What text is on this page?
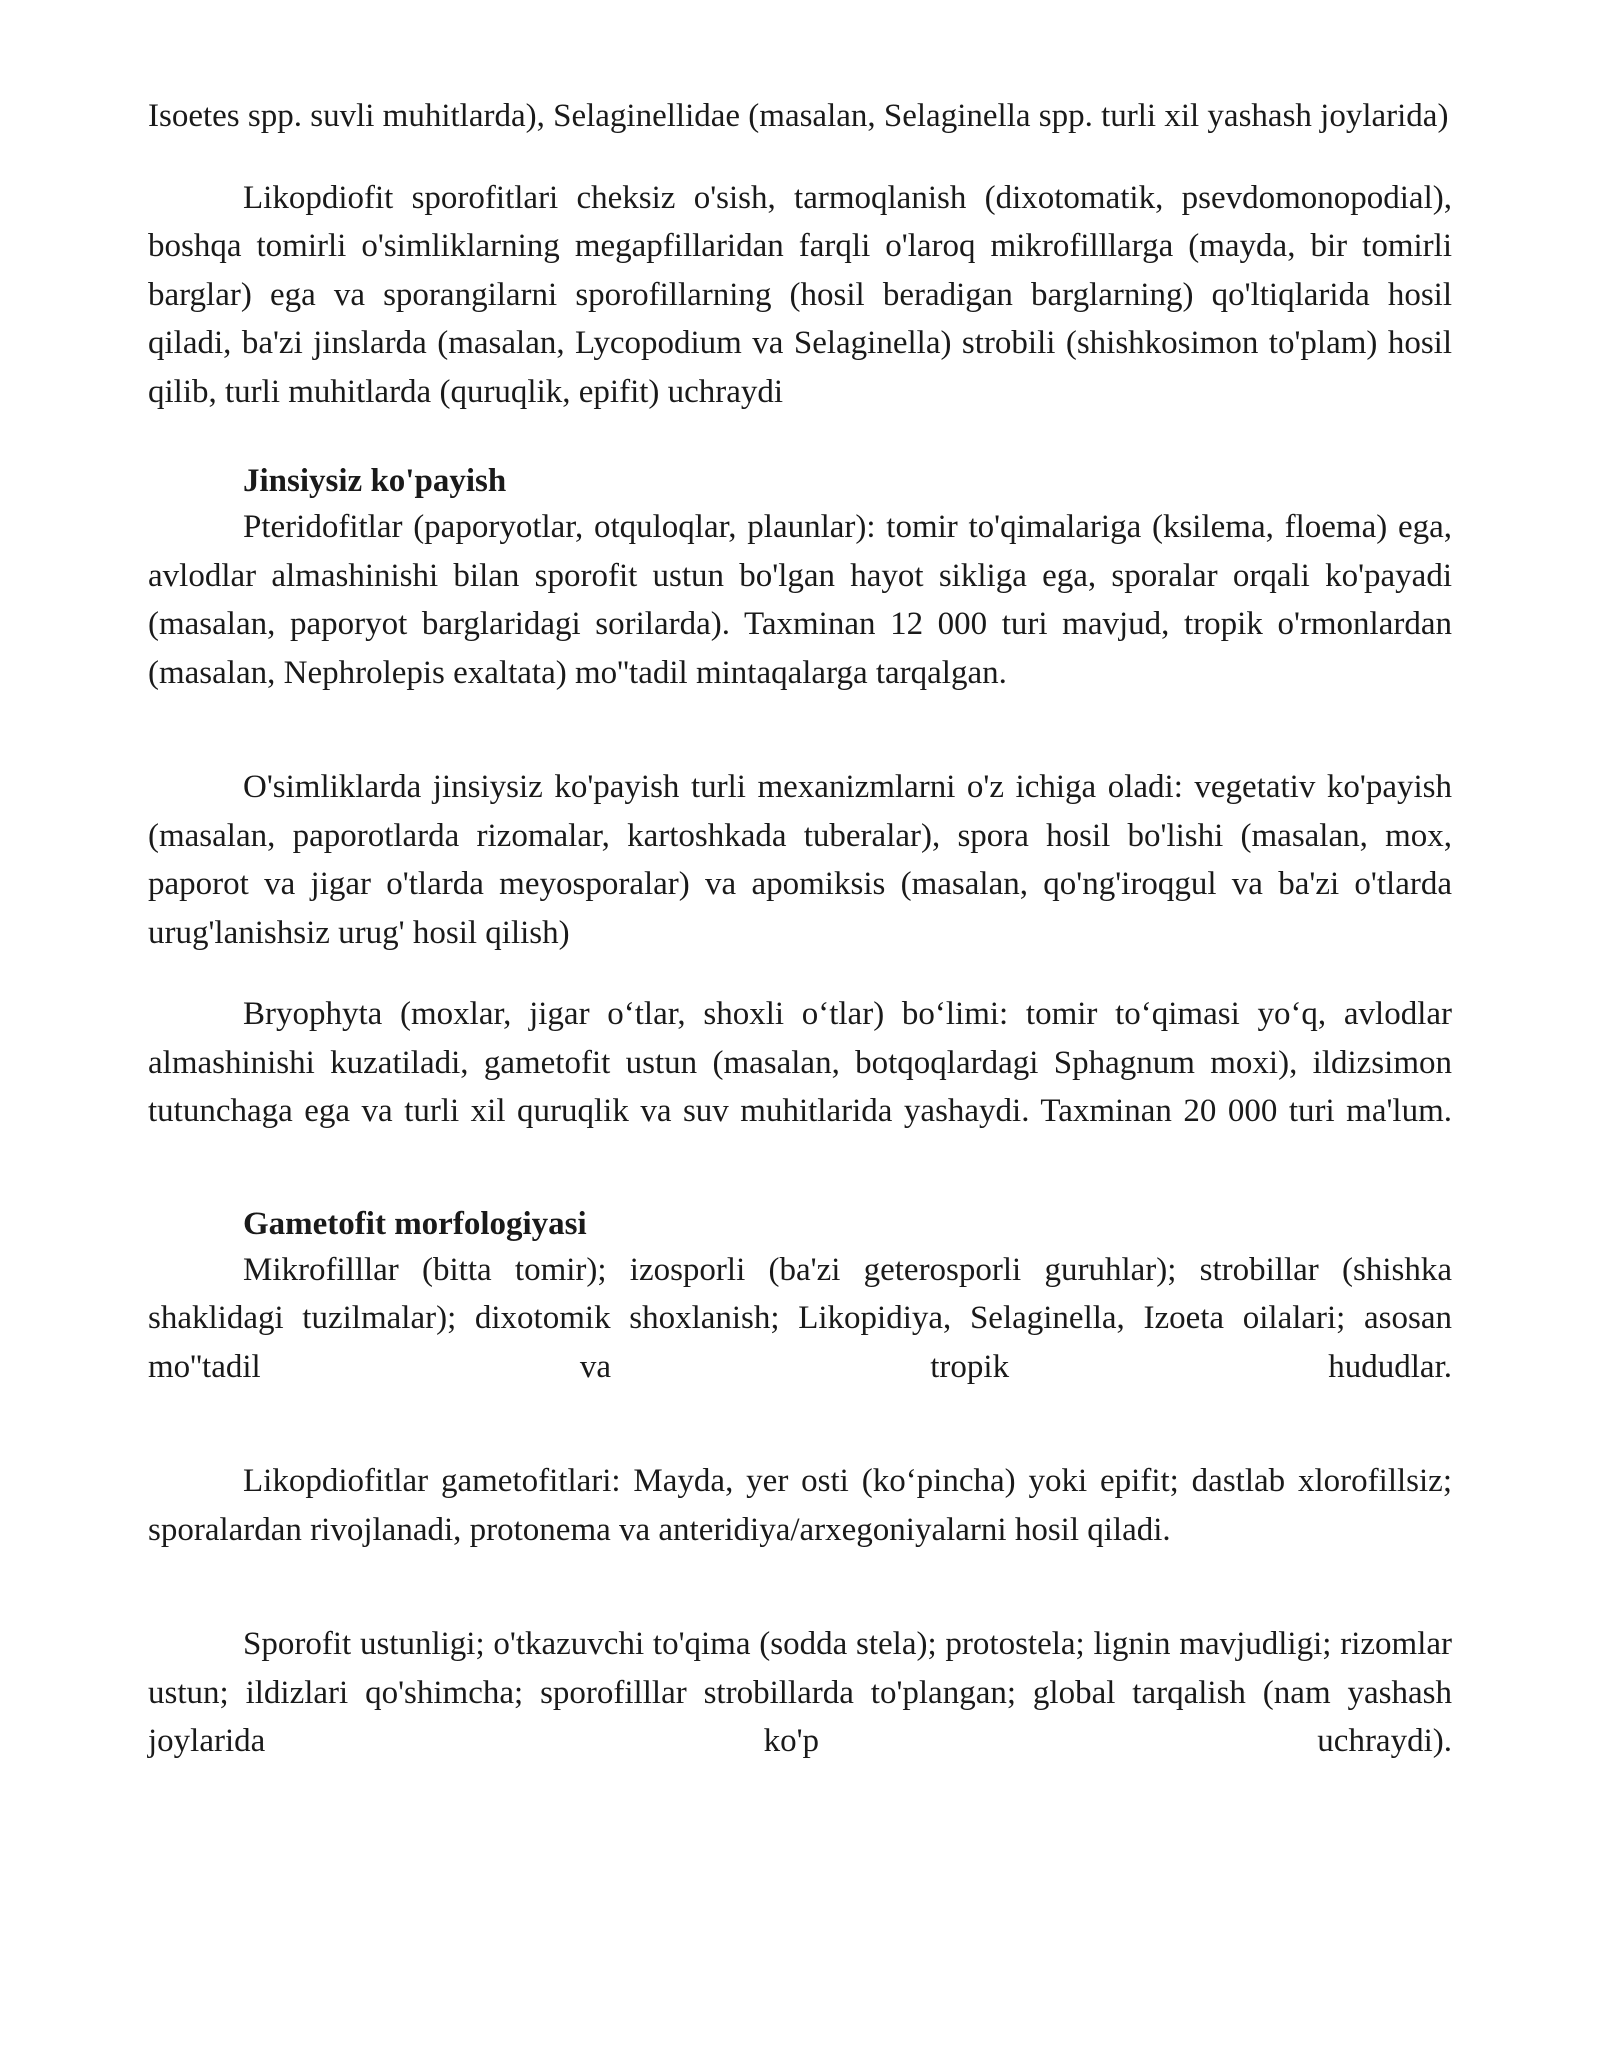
Isoetes spp. suvli muhitlarda), Selaginellidae (masalan, Selaginella spp. turli xil yashash joylarida)

Likopdiofit sporofitlari cheksiz o'sish, tarmoqlanish (dixotomatik, psevdomonopodial), boshqa tomirli o'simliklarning megapfillaridan farqli o'laroq mikrofilllarga (mayda, bir tomirli barglar) ega va sporangilarni sporofillarning (hosil beradigan barglarning) qo'ltiqlarida hosil qiladi, ba'zi jinslarda (masalan, Lycopodium va Selaginella) strobili (shishkosimon to'plam) hosil qilib, turli muhitlarda (quruqlik, epifit) uchraydi

Jinsiysiz ko'payish

Pteridofitlar (paporyotlar, otquloqlar, plaunlar): tomir to'qimalariga (ksilema, floema) ega, avlodlar almashinishi bilan sporofit ustun bo'lgan hayot sikliga ega, sporalar orqali ko'payadi (masalan, paporyot barglaridagi sorilarda). Taxminan 12 000 turi mavjud, tropik o'rmonlardan (masalan, Nephrolepis exaltata) mo''tadil mintaqalarga tarqalgan.

O'simliklarda jinsiysiz ko'payish turli mexanizmlarni o'z ichiga oladi: vegetativ ko'payish (masalan, paporotlarda rizomalar, kartoshkada tuberalar), spora hosil bo'lishi (masalan, mox, paporot va jigar o'tlarda meyosporalar) va apomiksis (masalan, qo'ng'iroqgul va ba'zi o'tlarda urug'lanishsiz urug' hosil qilish)

Bryophyta (moxlar, jigar o‘tlar, shoxli o‘tlar) bo‘limi: tomir to‘qimasi yo‘q, avlodlar almashinishi kuzatiladi, gametofit ustun (masalan, botqoqlardagi Sphagnum moxi), ildizsimon tutunchaga ega va turli xil quruqlik va suv muhitlarida yashaydi. Taxminan 20 000 turi ma'lum.

Gametofit morfologiyasi

Mikrofilllar (bitta tomir); izosporli (ba'zi geterosporli guruhlar); strobillar (shishka shaklidagi tuzilmalar); dixotomik shoxlanish; Likopidiya, Selaginella, Izoeta oilalari; asosan mo''tadil va tropik hududlar.

Likopdiofitlar gametofitlari: Mayda, yer osti (ko‘pincha) yoki epifit; dastlab xlorofillsiz; sporalardan rivojlanadi, protonema va anteridiya/arxegoniyalarni hosil qiladi.

Sporofit ustunligi; o'tkazuvchi to'qima (sodda stela); protostela; lignin mavjudligi; rizomlar ustun; ildizlari qo'shimcha; sporofilllar strobillarda to'plangan; global tarqalish (nam yashash joylarida ko'p uchraydi).
